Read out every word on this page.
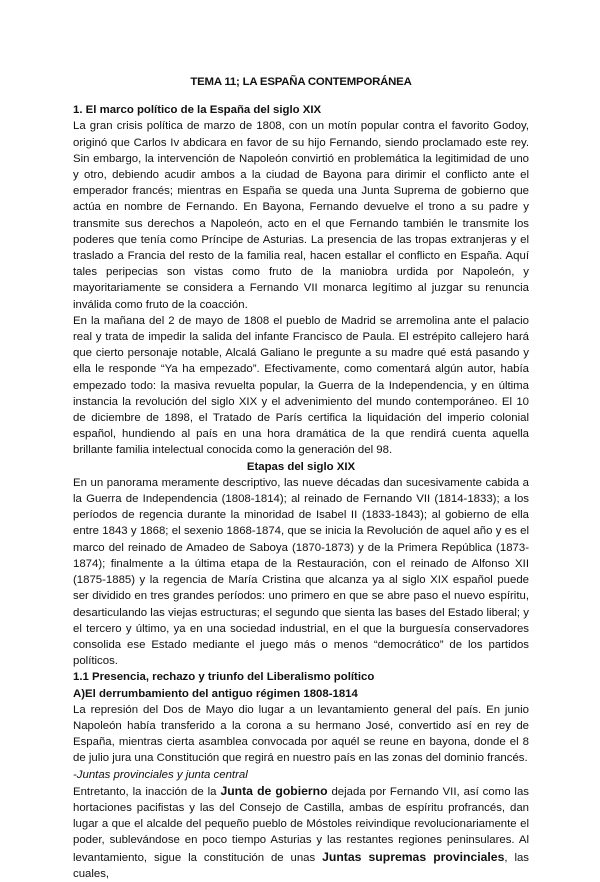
TEMA 11; LA ESPAÑA CONTEMPORÁNEA
1. El marco político de la España del siglo XIX
La gran crisis política de marzo de 1808, con un motín popular contra el favorito Godoy, originó que Carlos Iv abdicara en favor de su hijo Fernando, siendo proclamado este rey. Sin embargo, la intervención de Napoleón convirtió en problemática la legitimidad de uno y otro, debiendo acudir ambos a la ciudad de Bayona para dirimir el conflicto ante el emperador francés; mientras en España se queda una Junta Suprema de gobierno que actúa en nombre de Fernando. En Bayona, Fernando devuelve el trono a su padre y transmite sus derechos a Napoleón, acto en el que Fernando también le transmite los poderes que tenía como Príncipe de Asturias. La presencia de las tropas extranjeras y el traslado a Francia del resto de la familia real, hacen estallar el conflicto en España. Aquí tales peripecias son vistas como fruto de la maniobra urdida por Napoleón, y mayoritariamente se considera a Fernando VII monarca legítimo al juzgar su renuncia inválida como fruto de la coacción.
En la mañana del 2 de mayo de 1808 el pueblo de Madrid se arremolina ante el palacio real y trata de impedir la salida del infante Francisco de Paula. El estrépito callejero hará que cierto personaje notable, Alcalá Galiano le pregunte a su madre qué está pasando y ella le responde “Ya ha empezado”. Efectivamente, como comentará algún autor, había empezado todo: la masiva revuelta popular, la Guerra de la Independencia, y en última instancia la revolución del siglo XIX y el advenimiento del mundo contemporáneo. El 10 de diciembre de 1898, el Tratado de París certifica la liquidación del imperio colonial español, hundiendo al país en una hora dramática de la que rendirá cuenta aquella brillante familia intelectual conocida como la generación del 98.
Etapas del siglo XIX
En un panorama meramente descriptivo, las nueve décadas dan sucesivamente cabida a la Guerra de Independencia (1808-1814); al reinado de Fernando VII (1814-1833); a los períodos de regencia durante la minoridad de Isabel II (1833-1843); al gobierno de ella entre 1843 y 1868; el sexenio 1868-1874, que se inicia la Revolución de aquel año y es el marco del reinado de Amadeo de Saboya (1870-1873) y de la Primera República (1873-1874); finalmente a la última etapa de la Restauración, con el reinado de Alfonso XII (1875-1885) y la regencia de María Cristina que alcanza ya al siglo XIX español puede ser dividido en tres grandes períodos: uno primero en que se abre paso el nuevo espíritu, desarticulando las viejas estructuras; el segundo que sienta las bases del Estado liberal; y el tercero y último, ya en una sociedad industrial, en el que la burguesía conservadores consolida ese Estado mediante el juego más o menos “democrático” de los partidos políticos.
1.1 Presencia, rechazo y triunfo del Liberalismo político
A)El derrumbamiento del antiguo régimen 1808-1814
La represión del Dos de Mayo dio lugar a un levantamiento general del país. En junio Napoleón había transferido a la corona a su hermano José, convertido así en rey de España, mientras cierta asamblea convocada por aquél se reune en bayona, donde el 8 de julio jura una Constitución que regirá en nuestro país en las zonas del dominio francés.
-Juntas provinciales y junta central
Entretanto, la inacción de la Junta de gobierno dejada por Fernando VII, así como las hortaciones pacifistas y las del Consejo de Castilla, ambas de espíritu profrancés, dan lugar a que el alcalde del pequeño pueblo de Móstoles reivindique revolucionariamente el poder, sublevándose en poco tiempo Asturias y las restantes regiones peninsulares. Al levantamiento, sigue la constitución de unas Juntas supremas provinciales, las cuales,
